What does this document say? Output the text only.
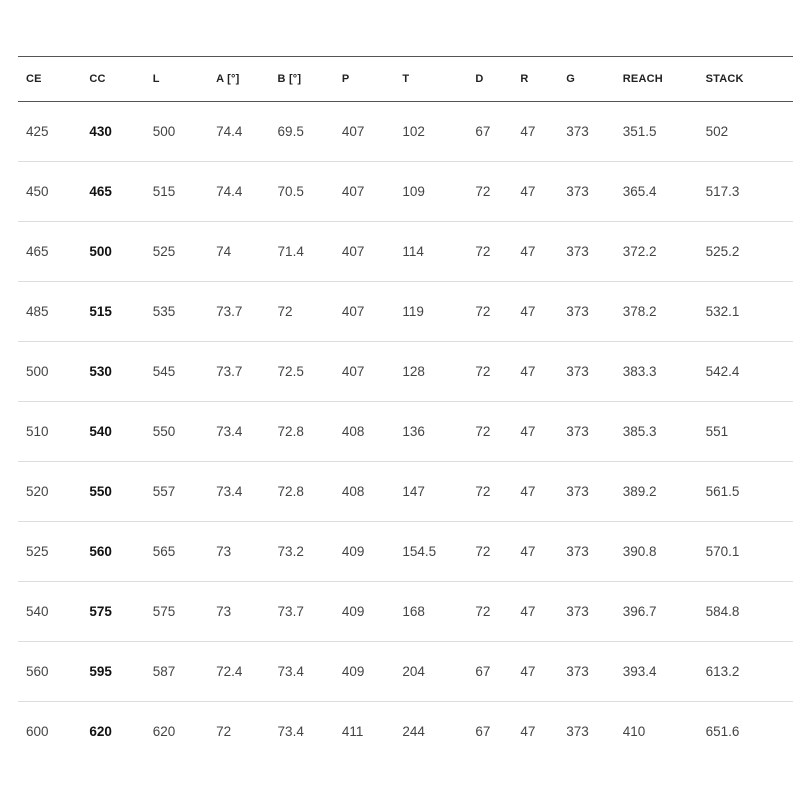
CE	CC	L	A [°]	B [°]	P	T	D	R	G	REACH	STACK
425	430	500	74.4	69.5	407	102	67	47	373	351.5	502
450	465	515	74.4	70.5	407	109	72	47	373	365.4	517.3
465	500	525	74	71.4	407	114	72	47	373	372.2	525.2
485	515	535	73.7	72	407	119	72	47	373	378.2	532.1
500	530	545	73.7	72.5	407	128	72	47	373	383.3	542.4
510	540	550	73.4	72.8	408	136	72	47	373	385.3	551
520	550	557	73.4	72.8	408	147	72	47	373	389.2	561.5
525	560	565	73	73.2	409	154.5	72	47	373	390.8	570.1
540	575	575	73	73.7	409	168	72	47	373	396.7	584.8
560	595	587	72.4	73.4	409	204	67	47	373	393.4	613.2
600	620	620	72	73.4	411	244	67	47	373	410	651.6
